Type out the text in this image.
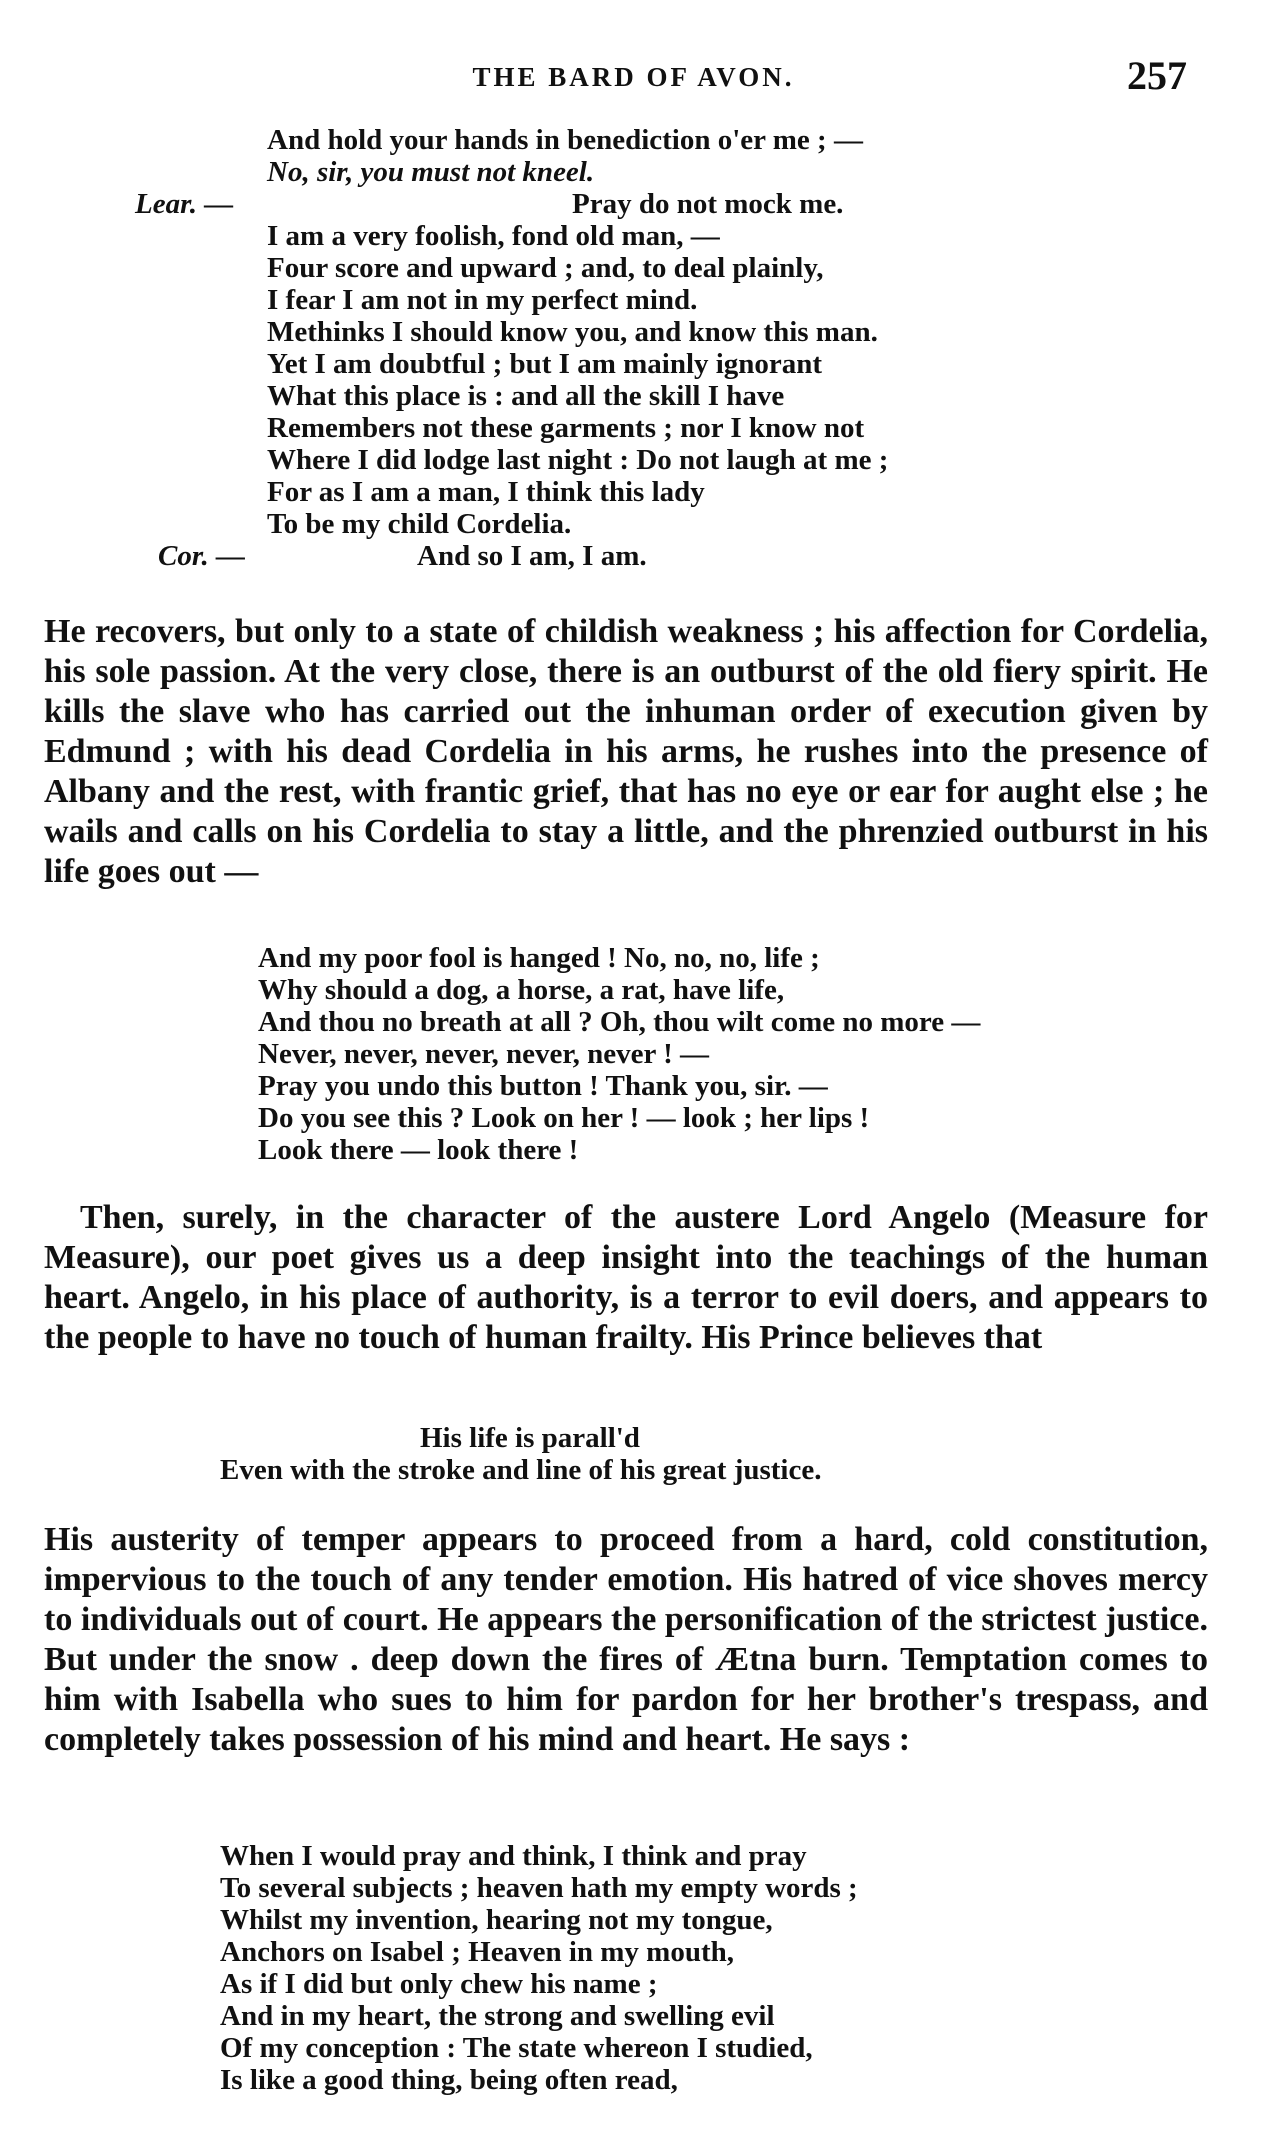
THE BARD OF AVON.	257
And hold your hands in benediction o'er me ; —
No, sir, you must not kneel.
Pray do not mock me.
I am a very foolish, fond old man, —
Four score and upward ; and, to deal plainly,
I fear I am not in my perfect mind.
Methinks I should know you, and know this man.
Yet I am doubtful ; but I am mainly ignorant
What this place is : and all the skill I have
Remembers not these garments ; nor I know not
Where I did lodge last night : Do not laugh at me ;
For as I am a man, I think this lady
To be my child Cordelia.
And so I am, I am.
Lear. —
Cor. —

He recovers, but only to a state of childish weakness ; his affection for Cordelia, his sole passion. At the very close, there is an outburst of the old fiery spirit. He kills the slave who has carried out the inhuman order of execution given by Edmund ; with his dead Cordelia in his arms, he rushes into the presence of Albany and the rest, with frantic grief, that has no eye or ear for aught else ; he wails and calls on his Cordelia to stay a little, and the phrenzied outburst in his life goes out —

And my poor fool is hanged ! No, no, no, life ;
Why should a dog, a horse, a rat, have life,
And thou no breath at all ? Oh, thou wilt come no more —
Never, never, never, never, never ! —
Pray you undo this button ! Thank you, sir. —
Do you see this ? Look on her ! — look ; her lips !
Look there — look there !

Then, surely, in the character of the austere Lord Angelo (Measure for Measure), our poet gives us a deep insight into the teachings of the human heart. Angelo, in his place of authority, is a terror to evil doers, and appears to the people to have no touch of human frailty. His Prince believes that

His life is parall'd
Even with the stroke and line of his great justice.

His austerity of temper appears to proceed from a hard, cold constitution, impervious to the touch of any tender emotion. His hatred of vice shoves mercy to individuals out of court. He appears the personification of the strictest justice. But under the snow . deep down the fires of Ætna burn. Temptation comes to him with Isabella who sues to him for pardon for her brother's trespass, and completely takes possession of his mind and heart. He says :

When I would pray and think, I think and pray
To several subjects ; heaven hath my empty words ;
Whilst my invention, hearing not my tongue,
Anchors on Isabel ; Heaven in my mouth,
As if I did but only chew his name ;
And in my heart, the strong and swelling evil
Of my conception : The state whereon I studied,
Is like a good thing, being often read,
